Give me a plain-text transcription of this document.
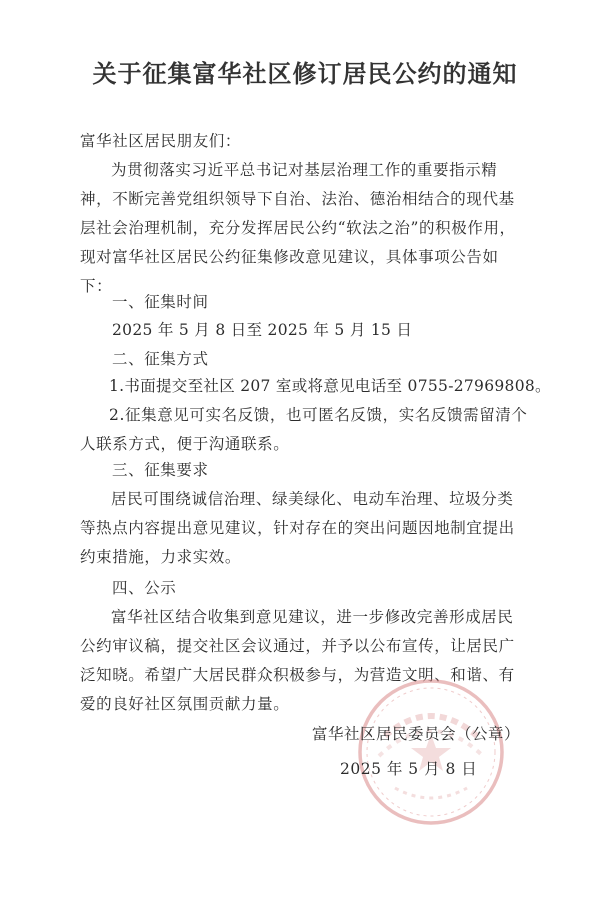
关于征集富华社区修订居民公约的通知
富华社区居民朋友们：
为贯彻落实习近平总书记对基层治理工作的重要指示精神，不断完善党组织领导下自治、法治、德治相结合的现代基层社会治理机制，充分发挥居民公约“软法之治”的积极作用，现对富华社区居民公约征集修改意见建议，具体事项公告如下：
一、征集时间
2025 年 5 月 8 日至 2025 年 5 月 15 日
二、征集方式
1.书面提交至社区 207 室或将意见电话至 0755-27969808。
2.征集意见可实名反馈，也可匿名反馈，实名反馈需留清个人联系方式，便于沟通联系。
三、征集要求
居民可围绕诚信治理、绿美绿化、电动车治理、垃圾分类等热点内容提出意见建议，针对存在的突出问题因地制宜提出约束措施，力求实效。
四、公示
富华社区结合收集到意见建议，进一步修改完善形成居民公约审议稿，提交社区会议通过，并予以公布宣传，让居民广泛知晓。希望广大居民群众积极参与，为营造文明、和谐、有爱的良好社区氛围贡献力量。
富华社区居民委员会（公章）
2025 年 5 月 8 日
